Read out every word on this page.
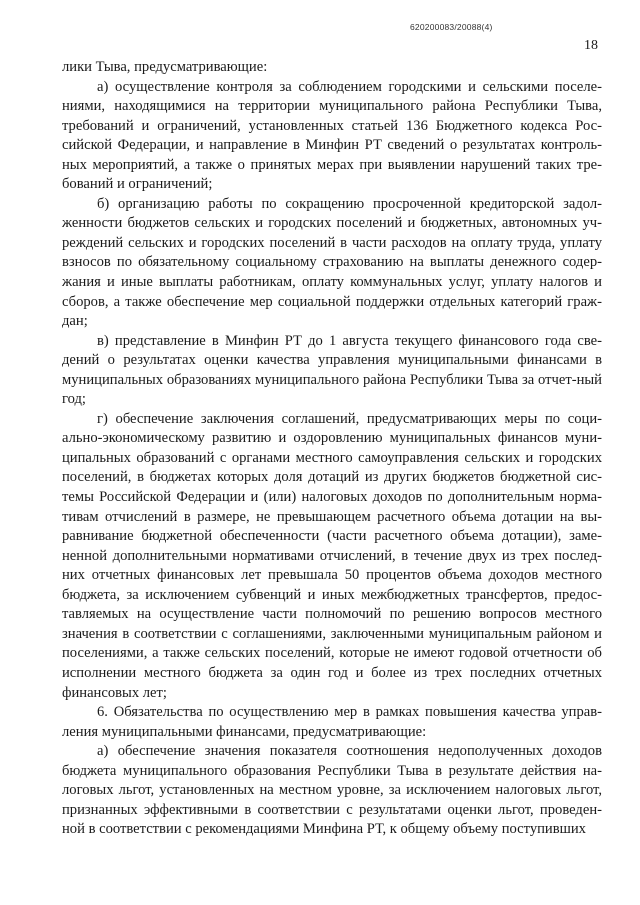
620200083/20088(4)
18

лики Тыва, предусматривающие:

а) осуществление контроля за соблюдением городскими и сельскими поселе-ниями, находящимися на территории муниципального района Республики Тыва, требований и ограничений, установленных статьей 136 Бюджетного кодекса Рос-сийской Федерации, и направление в Минфин РТ сведений о результатах контроль-ных мероприятий, а также о принятых мерах при выявлении нарушений таких тре-бований и ограничений;

б) организацию работы по сокращению просроченной кредиторской задол-женности бюджетов сельских и городских поселений и бюджетных, автономных уч-реждений сельских и городских поселений в части расходов на оплату труда, уплату взносов по обязательному социальному страхованию на выплаты денежного содер-жания и иные выплаты работникам, оплату коммунальных услуг, уплату налогов и сборов, а также обеспечение мер социальной поддержки отдельных категорий граж-дан;

в) представление в Минфин РТ до 1 августа текущего финансового года све-дений о результатах оценки качества управления муниципальными финансами в муниципальных образованиях муниципального района Республики Тыва за отчет-ный год;

г) обеспечение заключения соглашений, предусматривающих меры по соци-ально-экономическому развитию и оздоровлению муниципальных финансов муни-ципальных образований с органами местного самоуправления сельских и городских поселений, в бюджетах которых доля дотаций из других бюджетов бюджетной сис-темы Российской Федерации и (или) налоговых доходов по дополнительным норма-тивам отчислений в размере, не превышающем расчетного объема дотации на вы-равнивание бюджетной обеспеченности (части расчетного объема дотации), заме-ненной дополнительными нормативами отчислений, в течение двух из трех послед-них отчетных финансовых лет превышала 50 процентов объема доходов местного бюджета, за исключением субвенций и иных межбюджетных трансфертов, предос-тавляемых на осуществление части полномочий по решению вопросов местного значения в соответствии с соглашениями, заключенными муниципальным районом и поселениями, а также сельских поселений, которые не имеют годовой отчетности об исполнении местного бюджета за один год и более из трех последних отчетных финансовых лет;

6. Обязательства по осуществлению мер в рамках повышения качества управ-ления муниципальными финансами, предусматривающие:

а) обеспечение значения показателя соотношения недополученных доходов бюджета муниципального образования Республики Тыва в результате действия на-логовых льгот, установленных на местном уровне, за исключением налоговых льгот, признанных эффективными в соответствии с результатами оценки льгот, проведен-ной в соответствии с рекомендациями Минфина РТ, к общему объему поступивших
